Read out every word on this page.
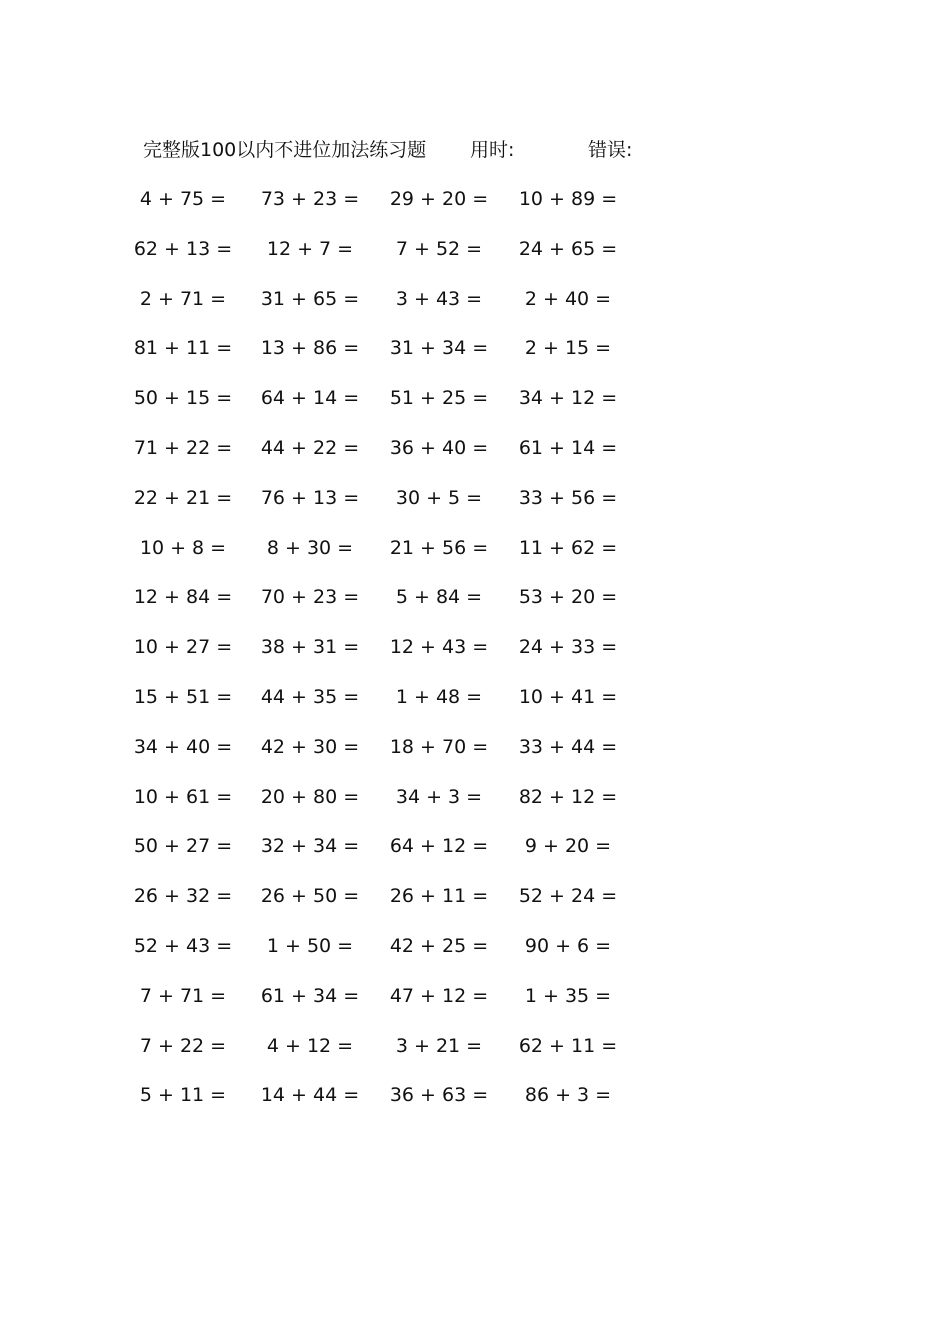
完整版100以内不进位加法练习题 用时:	错误:
4 + 75 =	73 + 23 = 29 + 20 = 10 + 89 =
62 + 13 =	12 + 7 =	7 + 52 =	24 + 65 =
2 + 71 =	31 + 65 =	3 + 43 =	2 + 40 =
81 + 11 = 13 + 86 = 31 + 34 =	2 + 15 =
50 + 15 = 64 + 14 = 51 + 25 = 34 + 12 =
71 + 22 = 44 + 22 = 36 + 40 = 61 + 14 =
22 + 21 = 76 + 13 =	30 + 5 =	33 + 56 =
10 + 8 =	8 + 30 =	21 + 56 = 11 + 62 =
12 + 84 = 70 + 23 =	5 + 84 =	53 + 20 =
10 + 27 = 38 + 31 = 12 + 43 = 24 + 33 =
15 + 51 = 44 + 35 =	1 + 48 =	10 + 41 =
34 + 40 = 42 + 30 = 18 + 70 = 33 + 44 =
10 + 61 = 20 + 80 =	34 + 3 =	82 + 12 =
50 + 27 = 32 + 34 = 64 + 12 =	9 + 20 =
26 + 32 = 26 + 50 = 26 + 11 = 52 + 24 =
52 + 43 =	1 + 50 =	42 + 25 =	90 + 6 =
7 + 71 =	61 + 34 = 47 + 12 =	1 + 35 =
7 + 22 =	4 + 12 =	3 + 21 =	62 + 11 =
5 + 11 =	14 + 44 = 36 + 63 =	86 + 3 =
